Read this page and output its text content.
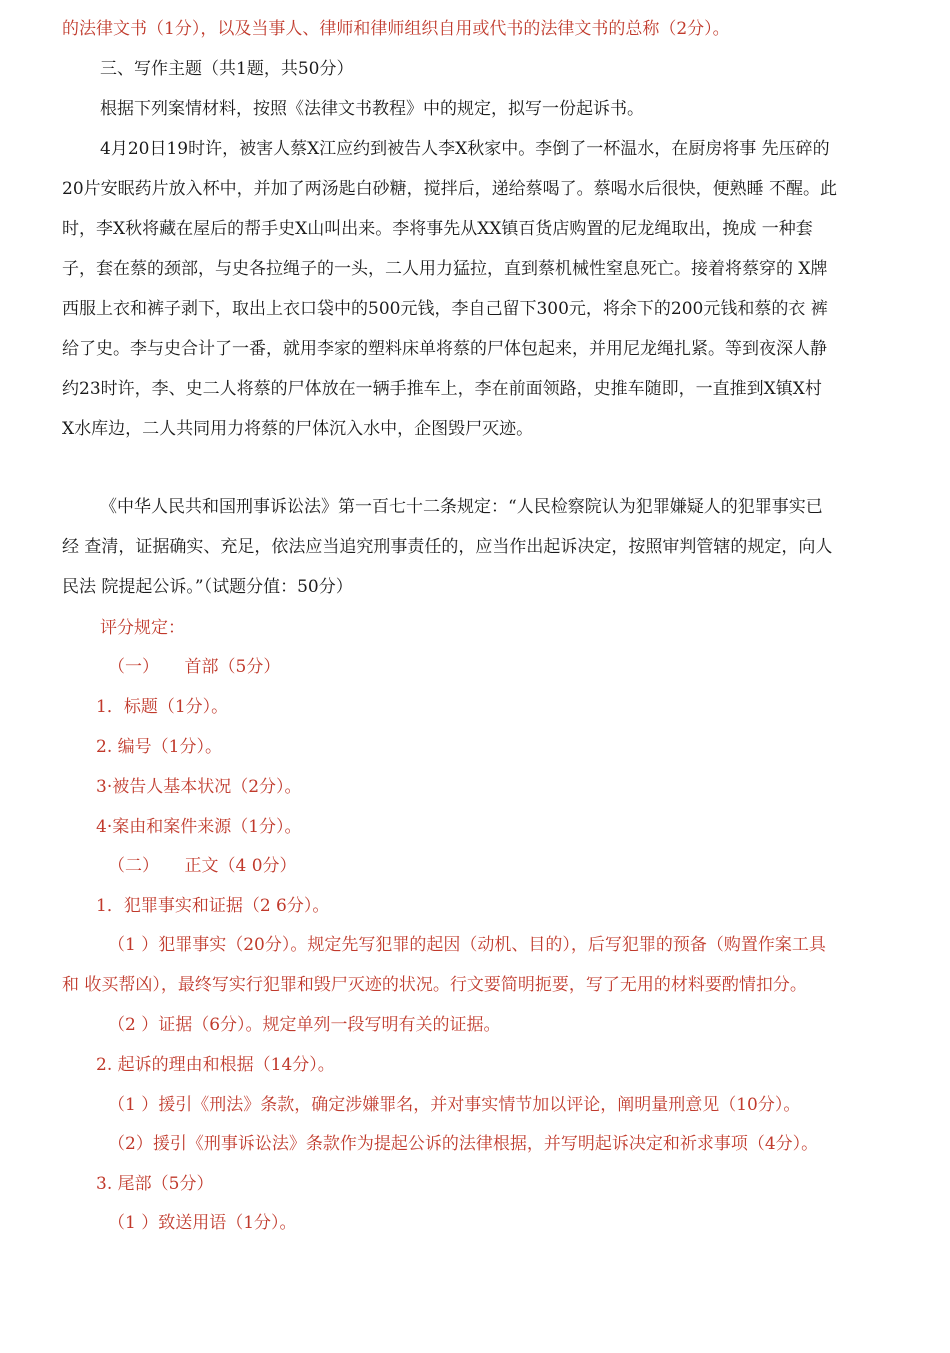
的法律文书（1分），以及当事人、律师和律师组织自用或代书的法律文书的总称（2分）。
三、写作主题（共1题，共50分）
根据下列案情材料，按照《法律文书教程》中的规定，拟写一份起诉书。
4月20日19时许，被害人蔡X江应约到被告人李X秋家中。李倒了一杯温水，在厨房将事 先压碎的
20片安眠药片放入杯中，并加了两汤匙白砂糖，搅拌后，递给蔡喝了。蔡喝水后很快，便熟睡 不醒。此
时，李X秋将藏在屋后的帮手史X山叫出来。李将事先从XX镇百货店购置的尼龙绳取出，挽成 一种套
子，套在蔡的颈部，与史各拉绳子的一头，二人用力猛拉，直到蔡机械性窒息死亡。接着将蔡穿的 X牌
西服上衣和裤子剥下，取出上衣口袋中的500元钱，李自己留下300元，将余下的200元钱和蔡的衣 裤
给了史。李与史合计了一番，就用李家的塑料床单将蔡的尸体包起来，并用尼龙绳扎紧。等到夜深人静
约23时许，李、史二人将蔡的尸体放在一辆手推车上，李在前面领路，史推车随即，一直推到X镇X村
X水库边，二人共同用力将蔡的尸体沉入水中，企图毁尸灭迹。
《中华人民共和国刑事诉讼法》第一百七十二条规定：“人民检察院认为犯罪嫌疑人的犯罪事实已
经 查清，证据确实、充足，依法应当追究刑事责任的，应当作出起诉决定，按照审判管辖的规定，向人
民法 院提起公诉。”（试题分值：50分）
评分规定：
（一）　　首部（5分）
1．标题（1分）。
2. 编号（1分）。
3·被告人基本状况（2分）。
4·案由和案件来源（1分）。
（二）　　正文（4 0分）
1．犯罪事实和证据（2 6分）。
（1 ）犯罪事实（20分）。规定先写犯罪的起因（动机、目的），后写犯罪的预备（购置作案工具
和 收买帮凶），最终写实行犯罪和毁尸灭迹的状况。行文要简明扼要，写了无用的材料要酌情扣分。
（2 ）证据（6分）。规定单列一段写明有关的证据。
2. 起诉的理由和根据（14分）。
（1 ）援引《刑法》条款，确定涉嫌罪名，并对事实情节加以评论，阐明量刑意见（10分）。
（2）援引《刑事诉讼法》条款作为提起公诉的法律根据，并写明起诉决定和祈求事项（4分）。
3. 尾部（5分）
（1 ）致送用语（1分）。
